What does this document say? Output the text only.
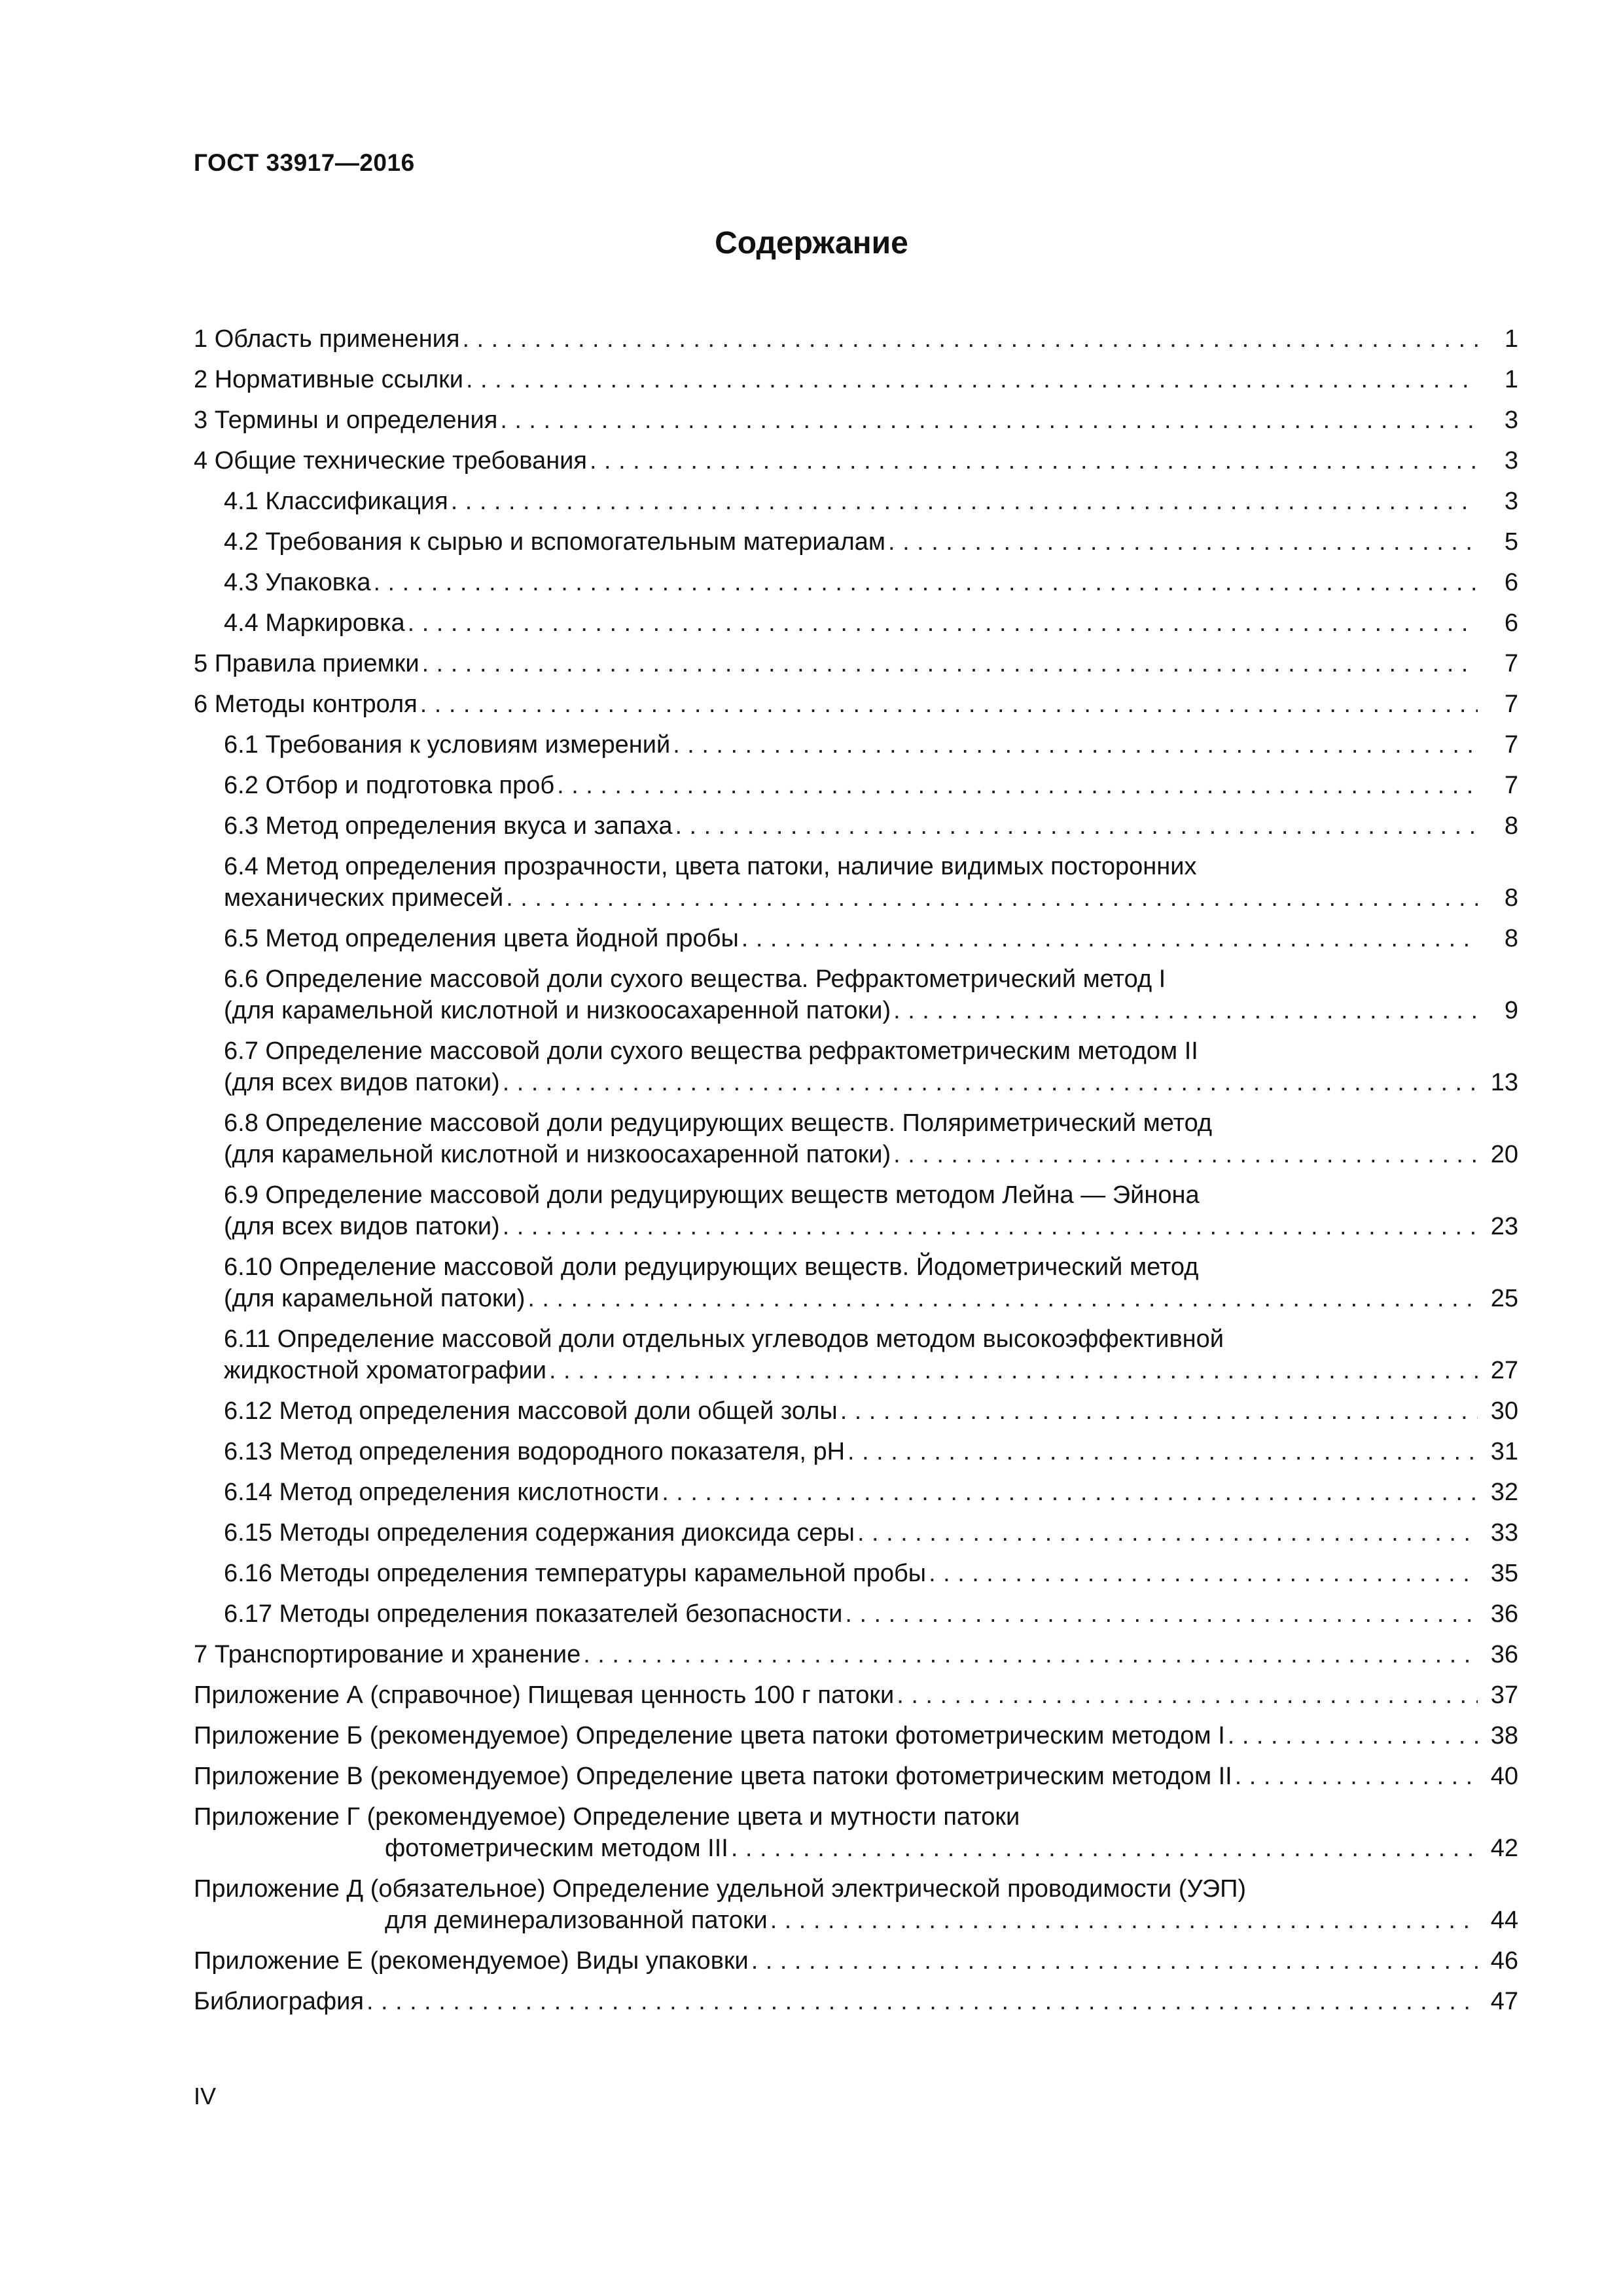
ГОСТ 33917—2016
Содержание
1 Область применения .....	1
2 Нормативные ссылки .....	1
3 Термины и определения .....	3
4 Общие технические требования .....	3
4.1 Классификация .....	3
4.2 Требования к сырью и вспомогательным материалам .....	5
4.3 Упаковка .....	6
4.4 Маркировка .....	6
5 Правила приемки .....	7
6 Методы контроля .....	7
6.1 Требования к условиям измерений .....	7
6.2 Отбор и подготовка проб .....	7
6.3 Метод определения вкуса и запаха .....	8
6.4 Метод определения прозрачности, цвета патоки, наличие видимых посторонних
механических примесей .....	8
6.5 Метод определения цвета йодной пробы .....	8
6.6 Определение массовой доли сухого вещества. Рефрактометрический метод I
(для карамельной кислотной и низкоосахаренной патоки) .....	9
6.7 Определение массовой доли сухого вещества рефрактометрическим методом II
(для всех видов патоки) .....	13
6.8 Определение массовой доли редуцирующих веществ. Поляриметрический метод
(для карамельной кислотной и низкоосахаренной патоки) .....	20
6.9 Определение массовой доли редуцирующих веществ методом Лейна — Эйнона
(для всех видов патоки) .....	23
6.10 Определение массовой доли редуцирующих веществ. Йодометрический метод
(для карамельной патоки) .....	25
6.11 Определение массовой доли отдельных углеводов методом высокоэффективной
жидкостной хроматографии .....	27
6.12 Метод определения массовой доли общей золы .....	30
6.13 Метод определения водородного показателя, pH .....	31
6.14 Метод определения кислотности .....	32
6.15 Методы определения содержания диоксида серы .....	33
6.16 Методы определения температуры карамельной пробы .....	35
6.17 Методы определения показателей безопасности .....	36
7 Транспортирование и хранение .....	36
Приложение А (справочное) Пищевая ценность 100 г патоки .....	37
Приложение Б (рекомендуемое) Определение цвета патоки фотометрическим методом I .....	38
Приложение В (рекомендуемое) Определение цвета патоки фотометрическим методом II .....	40
Приложение Г (рекомендуемое) Определение цвета и мутности патоки
фотометрическим методом III .....	42
Приложение Д (обязательное) Определение удельной электрической проводимости (УЭП)
для деминерализованной патоки .....	44
Приложение Е (рекомендуемое) Виды упаковки .....	46
Библиография .....	47
IV
